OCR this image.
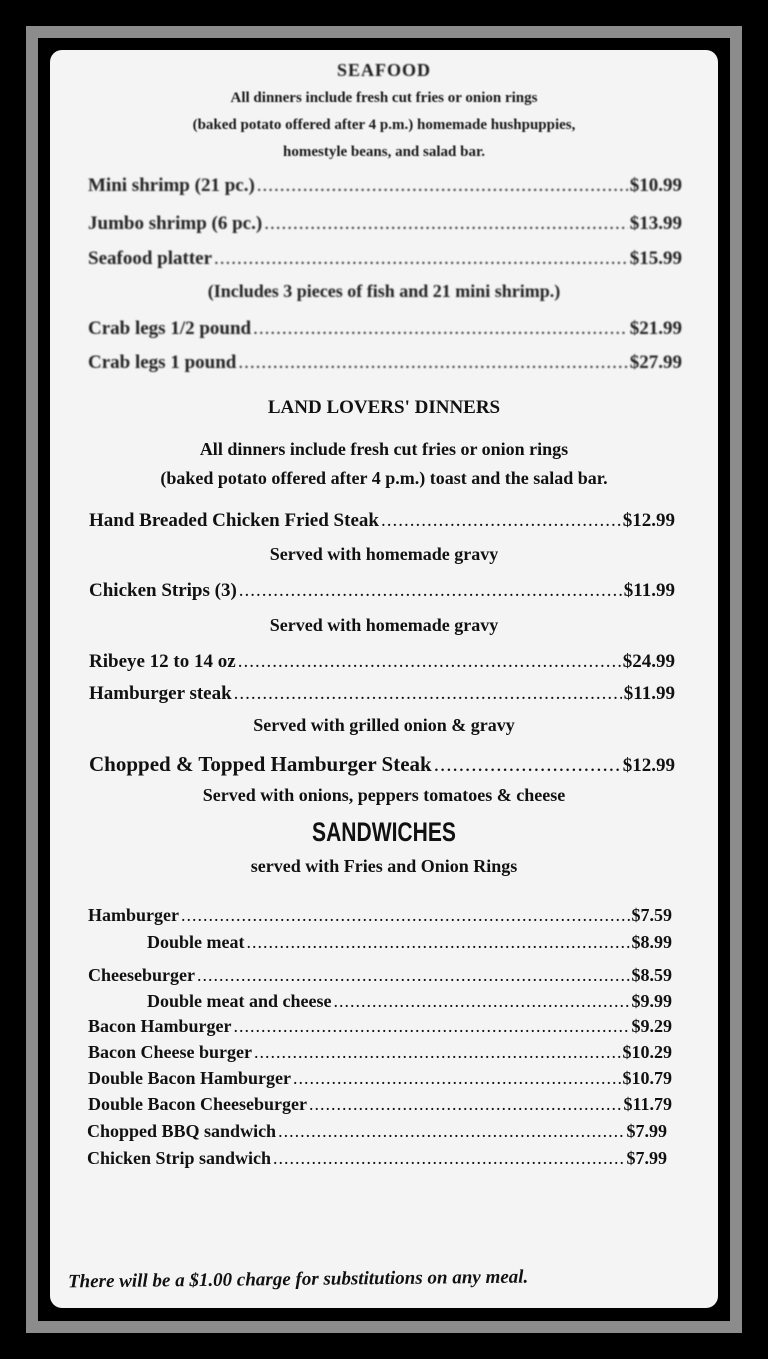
SEAFOOD
All dinners include fresh cut fries or onion rings
(baked potato offered after 4 p.m.) homemade hushpuppies,
homestyle beans, and salad bar.
Mini shrimp (21 pc.) .....	$10.99
Jumbo shrimp (6 pc.) .....	$13.99
Seafood platter .....	$15.99
(Includes 3 pieces of fish and 21 mini shrimp.)
Crab legs 1/2 pound .....	$21.99
Crab legs 1 pound .....	$27.99
LAND LOVERS' DINNERS
All dinners include fresh cut fries or onion rings
(baked potato offered after 4 p.m.) toast and the salad bar.
Hand Breaded Chicken Fried Steak .....	$12.99
Served with homemade gravy
Chicken Strips (3) .....	$11.99
Served with homemade gravy
Ribeye 12 to 14 oz .....	$24.99
Hamburger steak .....	$11.99
Served with grilled onion & gravy
Chopped & Topped Hamburger Steak .....	$12.99
Served with onions, peppers tomatoes & cheese
SANDWICHES
served with Fries and Onion Rings
Hamburger .....	$7.59
Double meat .....	$8.99
Cheeseburger .....	$8.59
Double meat and cheese .....	$9.99
Bacon Hamburger .....	$9.29
Bacon Cheese burger .....	$10.29
Double Bacon Hamburger .....	$10.79
Double Bacon Cheeseburger .....	$11.79
Chopped BBQ sandwich .....	$7.99
Chicken Strip sandwich .....	$7.99
There will be a $1.00 charge for substitutions on any meal.
